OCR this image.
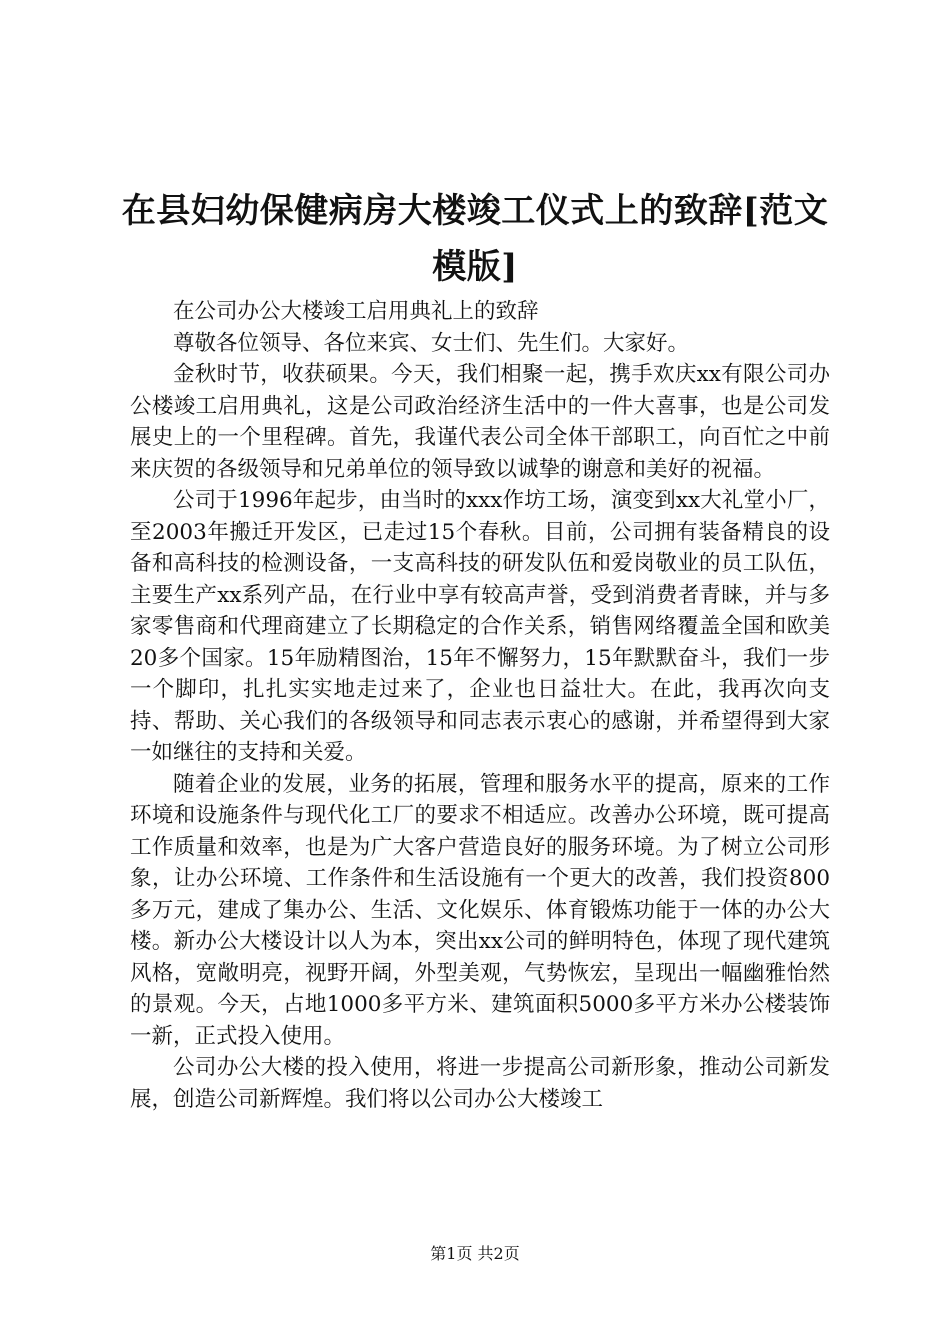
在县妇幼保健病房大楼竣工仪式上的致辞[范文模版]

在公司办公大楼竣工启用典礼上的致辞

尊敬各位领导、各位来宾、女士们、先生们。大家好。

金秋时节，收获硕果。今天，我们相聚一起，携手欢庆xx有限公司办公楼竣工启用典礼，这是公司政治经济生活中的一件大喜事，也是公司发展史上的一个里程碑。首先，我谨代表公司全体干部职工，向百忙之中前来庆贺的各级领导和兄弟单位的领导致以诚挚的谢意和美好的祝福。

公司于1996年起步，由当时的xxx作坊工场，演变到xx大礼堂小厂，至2003年搬迁开发区，已走过15个春秋。目前，公司拥有装备精良的设备和高科技的检测设备，一支高科技的研发队伍和爱岗敬业的员工队伍，主要生产xx系列产品，在行业中享有较高声誉，受到消费者青睐，并与多家零售商和代理商建立了长期稳定的合作关系，销售网络覆盖全国和欧美20多个国家。15年励精图治，15年不懈努力，15年默默奋斗，我们一步一个脚印，扎扎实实地走过来了，企业也日益壮大。在此，我再次向支持、帮助、关心我们的各级领导和同志表示衷心的感谢，并希望得到大家一如继往的支持和关爱。

随着企业的发展，业务的拓展，管理和服务水平的提高，原来的工作环境和设施条件与现代化工厂的要求不相适应。改善办公环境，既可提高工作质量和效率，也是为广大客户营造良好的服务环境。为了树立公司形象，让办公环境、工作条件和生活设施有一个更大的改善，我们投资800多万元，建成了集办公、生活、文化娱乐、体育锻炼功能于一体的办公大楼。新办公大楼设计以人为本，突出xx公司的鲜明特色，体现了现代建筑风格，宽敞明亮，视野开阔，外型美观，气势恢宏，呈现出一幅幽雅怡然的景观。今天，占地1000多平方米、建筑面积5000多平方米办公楼装饰一新，正式投入使用。

公司办公大楼的投入使用，将进一步提高公司新形象，推动公司新发展，创造公司新辉煌。我们将以公司办公大楼竣工

第1页 共2页
